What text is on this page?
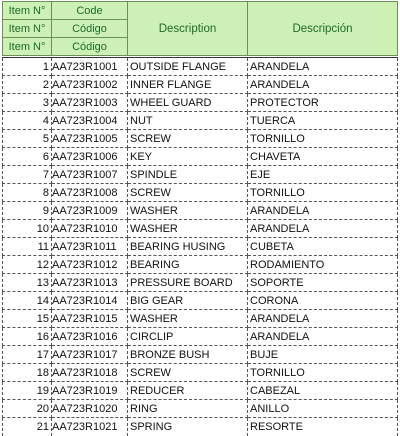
Item N°	Code	Description	Descripción
Item N°	Código		
Item N°	Código		
1	AA723R1001	OUTSIDE FLANGE	ARANDELA
2	AA723R1002	INNER FLANGE	ARANDELA
3	AA723R1003	WHEEL GUARD	PROTECTOR
4	AA723R1004	NUT	TUERCA
5	AA723R1005	SCREW	TORNILLO
6	AA723R1006	KEY	CHAVETA
7	AA723R1007	SPINDLE	EJE
8	AA723R1008	SCREW	TORNILLO
9	AA723R1009	WASHER	ARANDELA
10	AA723R1010	WASHER	ARANDELA
11	AA723R1011	BEARING HUSING	CUBETA
12	AA723R1012	BEARING	RODAMIENTO
13	AA723R1013	PRESSURE BOARD	SOPORTE
14	AA723R1014	BIG GEAR	CORONA
15	AA723R1015	WASHER	ARANDELA
16	AA723R1016	CIRCLIP	ARANDELA
17	AA723R1017	BRONZE BUSH	BUJE
18	AA723R1018	SCREW	TORNILLO
19	AA723R1019	REDUCER	CABEZAL
20	AA723R1020	RING	ANILLO
21	AA723R1021	SPRING	RESORTE
